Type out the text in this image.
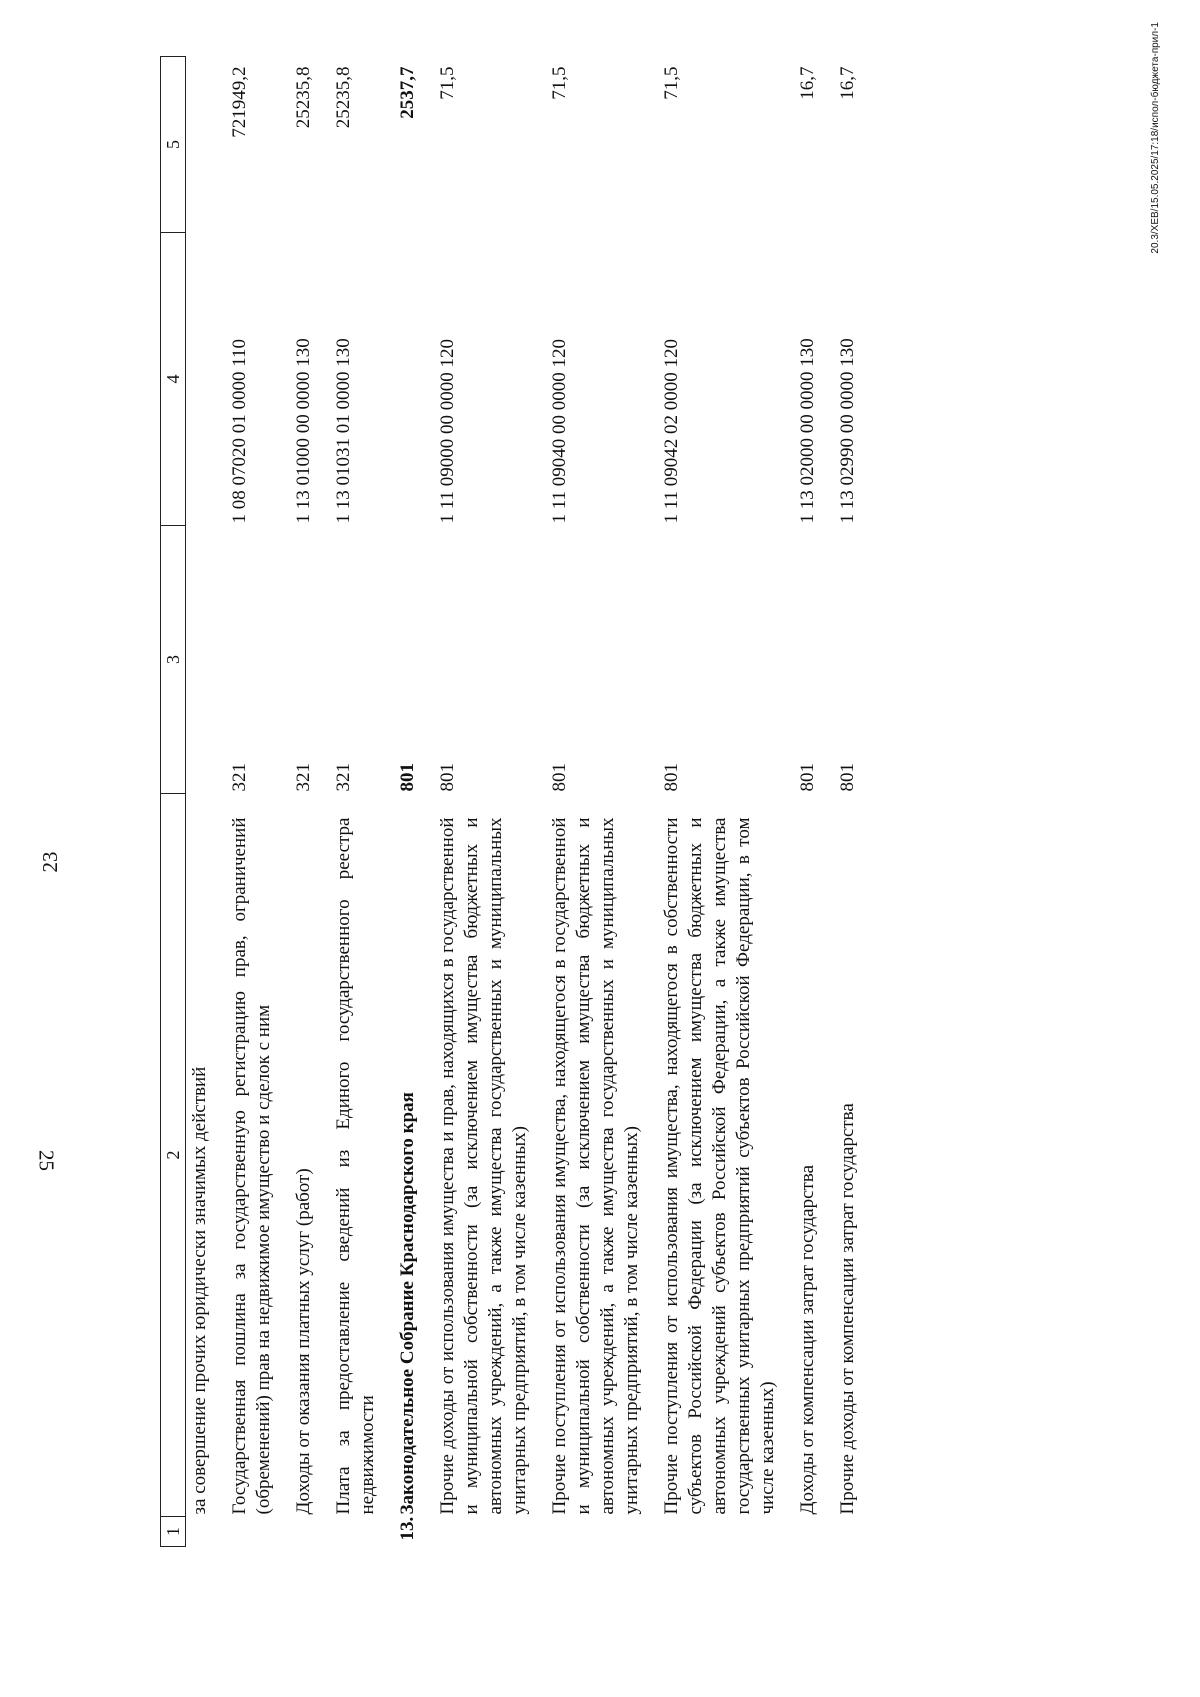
23
1	2	3	4	5
	за совершение прочих юридически значимых действий			
	Государственная пошлина за государственную регистрацию прав, ограничений (обременений) прав на недвижимое имущество и сделок с ним	321	1 08 07020 01 0000 110	721949,2
	Доходы от оказания платных услуг (работ)	321	1 13 01000 00 0000 130	25235,8
	Плата за предоставление сведений из Единого государственного реестра недвижимости	321	1 13 01031 01 0000 130	25235,8
13.	Законодательное Собрание Краснодарского края	801		2537,7
	Прочие доходы от использования имущества и прав, находящихся в государственной и муниципальной собственности (за исключением имущества бюджетных и автономных учреждений, а также имущества государственных и муниципальных унитарных предприятий, в том числе казенных)	801	1 11 09000 00 0000 120	71,5
	Прочие поступления от использования имущества, находящегося в государственной и муниципальной собственности (за исключением имущества бюджетных и автономных учреждений, а также имущества государственных и муниципальных унитарных предприятий, в том числе казенных)	801	1 11 09040 00 0000 120	71,5
	Прочие поступления от использования имущества, находящегося в собственности субъектов Российской Федерации (за исключением имущества бюджетных и автономных учреждений субъектов Российской Федерации, а также имущества государственных унитарных предприятий субъектов Российской Федерации, в том числе казенных)	801	1 11 09042 02 0000 120	71,5
	Доходы от компенсации затрат государства	801	1 13 02000 00 0000 130	16,7
	Прочие доходы от компенсации затрат государства	801	1 13 02990 00 0000 130	16,7	20.3/ХЕВ/15.05.2025/17:18/испол-бюджета-прил-1
25
